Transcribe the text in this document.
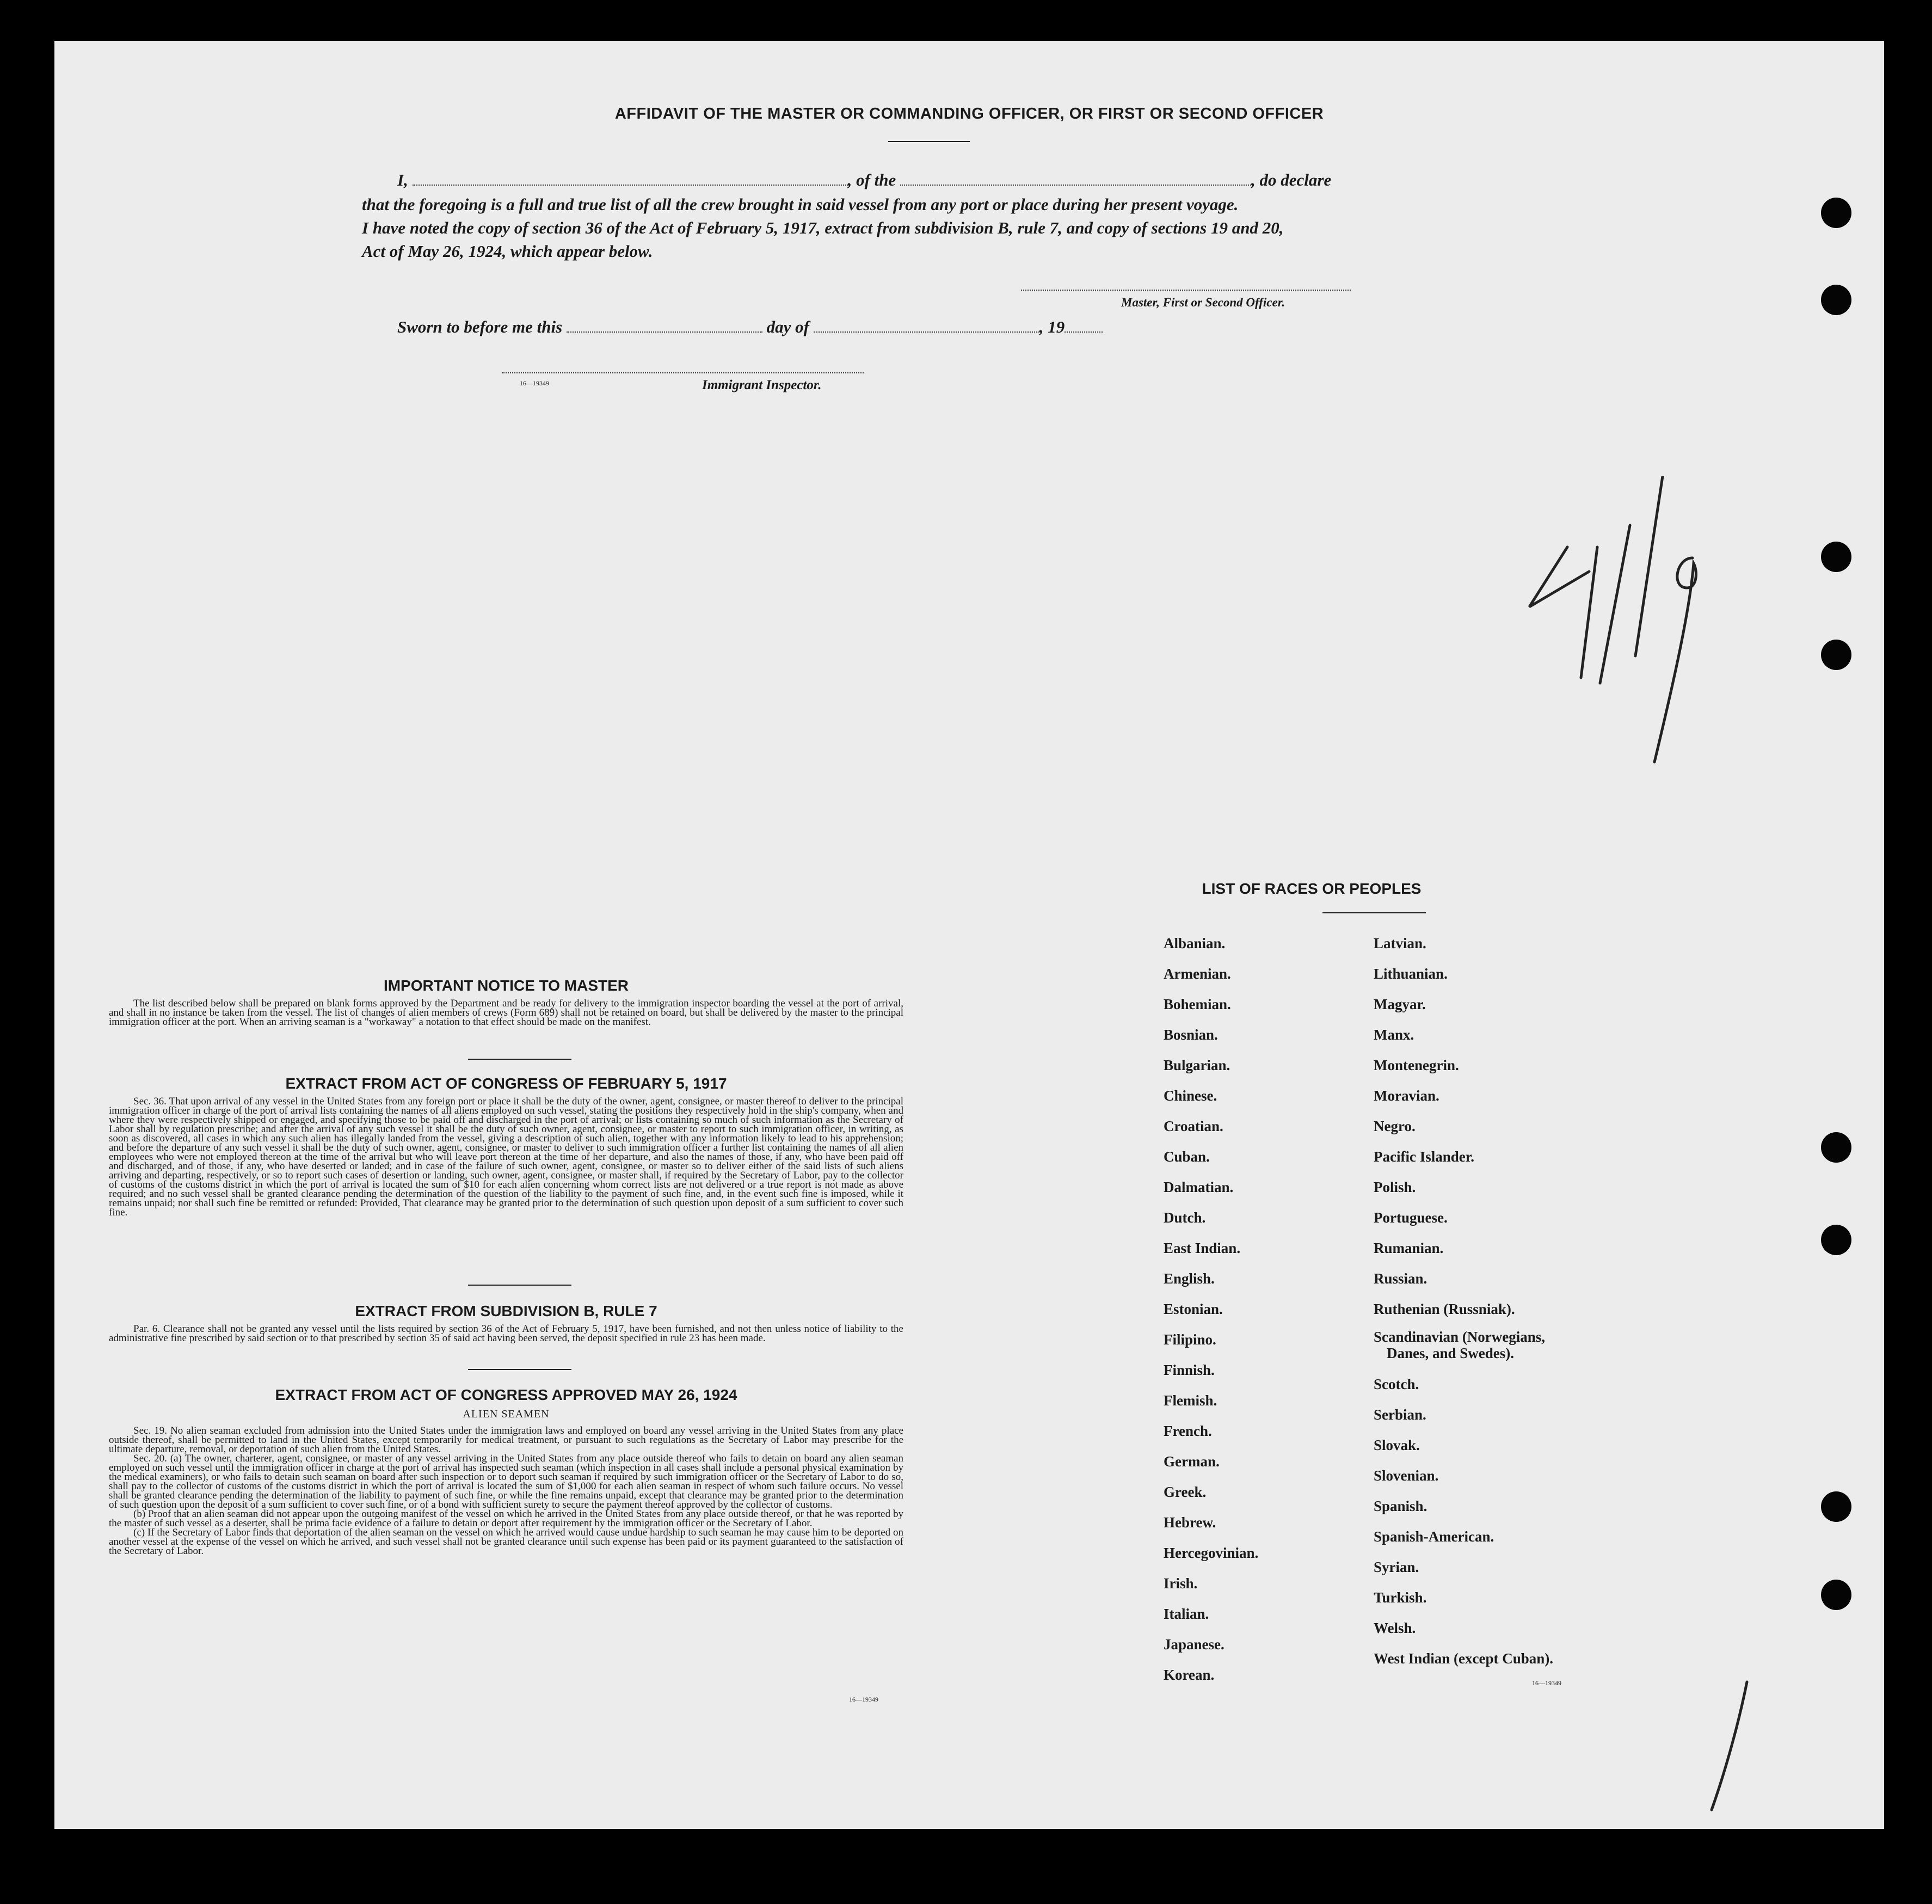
AFFIDAVIT OF THE MASTER OR COMMANDING OFFICER, OR FIRST OR SECOND OFFICER
I,	, of the	, do declare
that the foregoing is a full and true list of all the crew brought in said vessel from any port or place during her present voyage.
I have noted the copy of section 36 of the Act of February 5, 1917, extract from subdivision B, rule 7, and copy of sections 19 and 20,
Act of May 26, 1924, which appear below.
Master, First or Second Officer.
Sworn to before me this	day of	, 19
16—19349	Immigrant Inspector.
IMPORTANT NOTICE TO MASTER
The list described below shall be prepared on blank forms approved by the Department and be ready for delivery to the immigration inspector boarding the vessel at the port of arrival, and shall in no instance be taken from the vessel. The list of changes of alien members of crews (Form 689) shall not be retained on board, but shall be delivered by the master to the principal immigration officer at the port. When an arriving seaman is a "workaway" a notation to that effect should be made on the manifest.
EXTRACT FROM ACT OF CONGRESS OF FEBRUARY 5, 1917
Sec. 36. That upon arrival of any vessel in the United States from any foreign port or place it shall be the duty of the owner, agent, consignee, or master thereof to deliver to the principal immigration officer in charge of the port of arrival lists containing the names of all aliens employed on such vessel, stating the positions they respectively hold in the ship's company, when and where they were respectively shipped or engaged, and specifying those to be paid off and discharged in the port of arrival; or lists containing so much of such information as the Secretary of Labor shall by regulation prescribe; and after the arrival of any such vessel it shall be the duty of such owner, agent, consignee, or master to report to such immigration officer, in writing, as soon as discovered, all cases in which any such alien has illegally landed from the vessel, giving a description of such alien, together with any information likely to lead to his apprehension; and before the departure of any such vessel it shall be the duty of such owner, agent, consignee, or master to deliver to such immigration officer a further list containing the names of all alien employees who were not employed thereon at the time of the arrival but who will leave port thereon at the time of her departure, and also the names of those, if any, who have been paid off and discharged, and of those, if any, who have deserted or landed; and in case of the failure of such owner, agent, consignee, or master so to deliver either of the said lists of such aliens arriving and departing, respectively, or so to report such cases of desertion or landing, such owner, agent, consignee, or master shall, if required by the Secretary of Labor, pay to the collector of customs of the customs district in which the port of arrival is located the sum of $10 for each alien concerning whom correct lists are not delivered or a true report is not made as above required; and no such vessel shall be granted clearance pending the determination of the question of the liability to the payment of such fine, and, in the event such fine is imposed, while it remains unpaid; nor shall such fine be remitted or refunded: Provided, That clearance may be granted prior to the determination of such question upon deposit of a sum sufficient to cover such fine.
EXTRACT FROM SUBDIVISION B, RULE 7
Par. 6. Clearance shall not be granted any vessel until the lists required by section 36 of the Act of February 5, 1917, have been furnished, and not then unless notice of liability to the administrative fine prescribed by said section or to that prescribed by section 35 of said act having been served, the deposit specified in rule 23 has been made.
EXTRACT FROM ACT OF CONGRESS APPROVED MAY 26, 1924
ALIEN SEAMEN
Sec. 19. No alien seaman excluded from admission into the United States under the immigration laws and employed on board any vessel arriving in the United States from any place outside thereof, shall be permitted to land in the United States, except temporarily for medical treatment, or pursuant to such regulations as the Secretary of Labor may prescribe for the ultimate departure, removal, or deportation of such alien from the United States.
Sec. 20. (a) The owner, charterer, agent, consignee, or master of any vessel arriving in the United States from any place outside thereof who fails to detain on board any alien seaman employed on such vessel until the immigration officer in charge at the port of arrival has inspected such seaman (which inspection in all cases shall include a personal physical examination by the medical examiners), or who fails to detain such seaman on board after such inspection or to deport such seaman if required by such immigration officer or the Secretary of Labor to do so, shall pay to the collector of customs of the customs district in which the port of arrival is located the sum of $1,000 for each alien seaman in respect of whom such failure occurs. No vessel shall be granted clearance pending the determination of the liability to payment of such fine, or while the fine remains unpaid, except that clearance may be granted prior to the determination of such question upon the deposit of a sum sufficient to cover such fine, or of a bond with sufficient surety to secure the payment thereof approved by the collector of customs.
(b) Proof that an alien seaman did not appear upon the outgoing manifest of the vessel on which he arrived in the United States from any place outside thereof, or that he was reported by the master of such vessel as a deserter, shall be prima facie evidence of a failure to detain or deport after requirement by the immigration officer or the Secretary of Labor.
(c) If the Secretary of Labor finds that deportation of the alien seaman on the vessel on which he arrived would cause undue hardship to such seaman he may cause him to be deported on another vessel at the expense of the vessel on which he arrived, and such vessel shall not be granted clearance until such expense has been paid or its payment guaranteed to the satisfaction of the Secretary of Labor.
16—19349
LIST OF RACES OR PEOPLES
Albanian.
Armenian.
Bohemian.
Bosnian.
Bulgarian.
Chinese.
Croatian.
Cuban.
Dalmatian.
Dutch.
East Indian.
English.
Estonian.
Filipino.
Finnish.
Flemish.
French.
German.
Greek.
Hebrew.
Hercegovinian.
Irish.
Italian.
Japanese.
Korean.
Latvian.
Lithuanian.
Magyar.
Manx.
Montenegrin.
Moravian.
Negro.
Pacific Islander.
Polish.
Portuguese.
Rumanian.
Russian.
Ruthenian (Russniak).
Scandinavian (Norwegians,
Danes, and Swedes).
Scotch.
Serbian.
Slovak.
Slovenian.
Spanish.
Spanish-American.
Syrian.
Turkish.
Welsh.
West Indian (except Cuban).
16—19349
